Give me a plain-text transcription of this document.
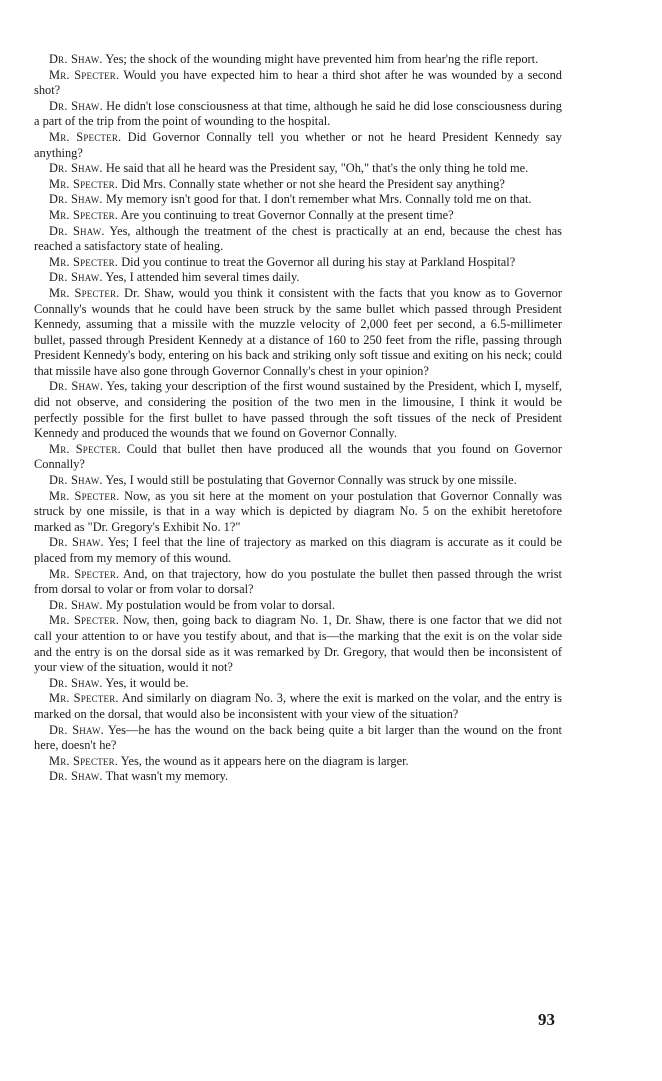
Dr. Shaw. Yes; the shock of the wounding might have prevented him from hear'ng the rifle report.

Mr. Specter. Would you have expected him to hear a third shot after he was wounded by a second shot?

Dr. Shaw. He didn't lose consciousness at that time, although he said he did lose consciousness during a part of the trip from the point of wounding to the hospital.

Mr. Specter. Did Governor Connally tell you whether or not he heard President Kennedy say anything?

Dr. Shaw. He said that all he heard was the President say, "Oh," that's the only thing he told me.

Mr. Specter. Did Mrs. Connally state whether or not she heard the President say anything?

Dr. Shaw. My memory isn't good for that. I don't remember what Mrs. Connally told me on that.

Mr. Specter. Are you continuing to treat Governor Connally at the present time?

Dr. Shaw. Yes, although the treatment of the chest is practically at an end, because the chest has reached a satisfactory state of healing.

Mr. Specter. Did you continue to treat the Governor all during his stay at Parkland Hospital?

Dr. Shaw. Yes, I attended him several times daily.

Mr. Specter. Dr. Shaw, would you think it consistent with the facts that you know as to Governor Connally's wounds that he could have been struck by the same bullet which passed through President Kennedy, assuming that a missile with the muzzle velocity of 2,000 feet per second, a 6.5-millimeter bullet, passed through President Kennedy at a distance of 160 to 250 feet from the rifle, passing through President Kennedy's body, entering on his back and striking only soft tissue and exiting on his neck; could that missile have also gone through Governor Connally's chest in your opinion?

Dr. Shaw. Yes, taking your description of the first wound sustained by the President, which I, myself, did not observe, and considering the position of the two men in the limousine, I think it would be perfectly possible for the first bullet to have passed through the soft tissues of the neck of President Kennedy and produced the wounds that we found on Governor Connally.

Mr. Specter. Could that bullet then have produced all the wounds that you found on Governor Connally?

Dr. Shaw. Yes, I would still be postulating that Governor Connally was struck by one missile.

Mr. Specter. Now, as you sit here at the moment on your postulation that Governor Connally was struck by one missile, is that in a way which is depicted by diagram No. 5 on the exhibit heretofore marked as "Dr. Gregory's Exhibit No. 1?"

Dr. Shaw. Yes; I feel that the line of trajectory as marked on this diagram is accurate as it could be placed from my memory of this wound.

Mr. Specter. And, on that trajectory, how do you postulate the bullet then passed through the wrist from dorsal to volar or from volar to dorsal?

Dr. Shaw. My postulation would be from volar to dorsal.

Mr. Specter. Now, then, going back to diagram No. 1, Dr. Shaw, there is one factor that we did not call your attention to or have you testify about, and that is—the marking that the exit is on the volar side and the entry is on the dorsal side as it was remarked by Dr. Gregory, that would then be inconsistent of your view of the situation, would it not?

Dr. Shaw. Yes, it would be.

Mr. Specter. And similarly on diagram No. 3, where the exit is marked on the volar, and the entry is marked on the dorsal, that would also be inconsistent with your view of the situation?

Dr. Shaw. Yes—he has the wound on the back being quite a bit larger than the wound on the front here, doesn't he?

Mr. Specter. Yes, the wound as it appears here on the diagram is larger.

Dr. Shaw. That wasn't my memory.

93
